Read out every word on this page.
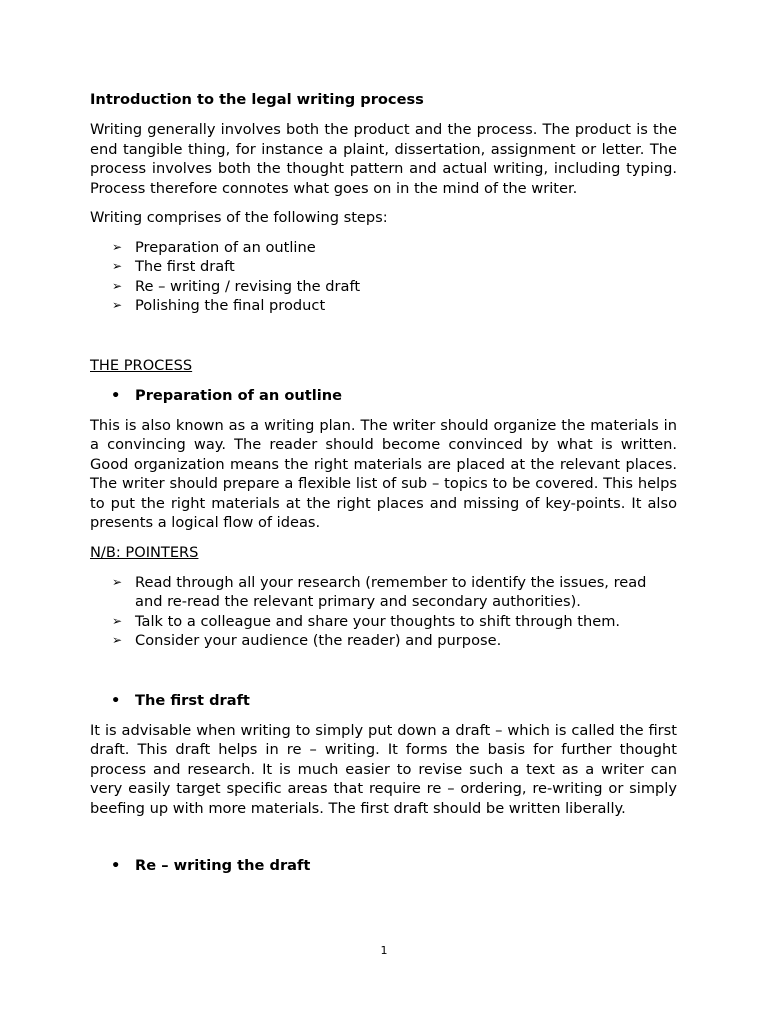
Introduction to the legal writing process
Writing generally involves both the product and the process. The product is the end tangible thing, for instance a plaint, dissertation, assignment or letter. The process involves both the thought pattern and actual writing, including typing. Process therefore connotes what goes on in the mind of the writer.
Writing comprises of the following steps:
➢ Preparation of an outline
➢ The first draft
➢ Re – writing / revising the draft
➢ Polishing the final product
THE PROCESS
• Preparation of an outline
This is also known as a writing plan. The writer should organize the materials in a convincing way. The reader should become convinced by what is written. Good organization means the right materials are placed at the relevant places. The writer should prepare a flexible list of sub – topics to be covered. This helps to put the right materials at the right places and missing of key-points. It also presents a logical flow of ideas.
N/B: POINTERS
➢ Read through all your research (remember to identify the issues, read and re-read the relevant primary and secondary authorities).
➢ Talk to a colleague and share your thoughts to shift through them.
➢ Consider your audience (the reader) and purpose.
• The first draft
It is advisable when writing to simply put down a draft – which is called the first draft. This draft helps in re – writing. It forms the basis for further thought process and research. It is much easier to revise such a text as a writer can very easily target specific areas that require re – ordering, re-writing or simply beefing up with more materials. The first draft should be written liberally.
• Re – writing the draft
1
